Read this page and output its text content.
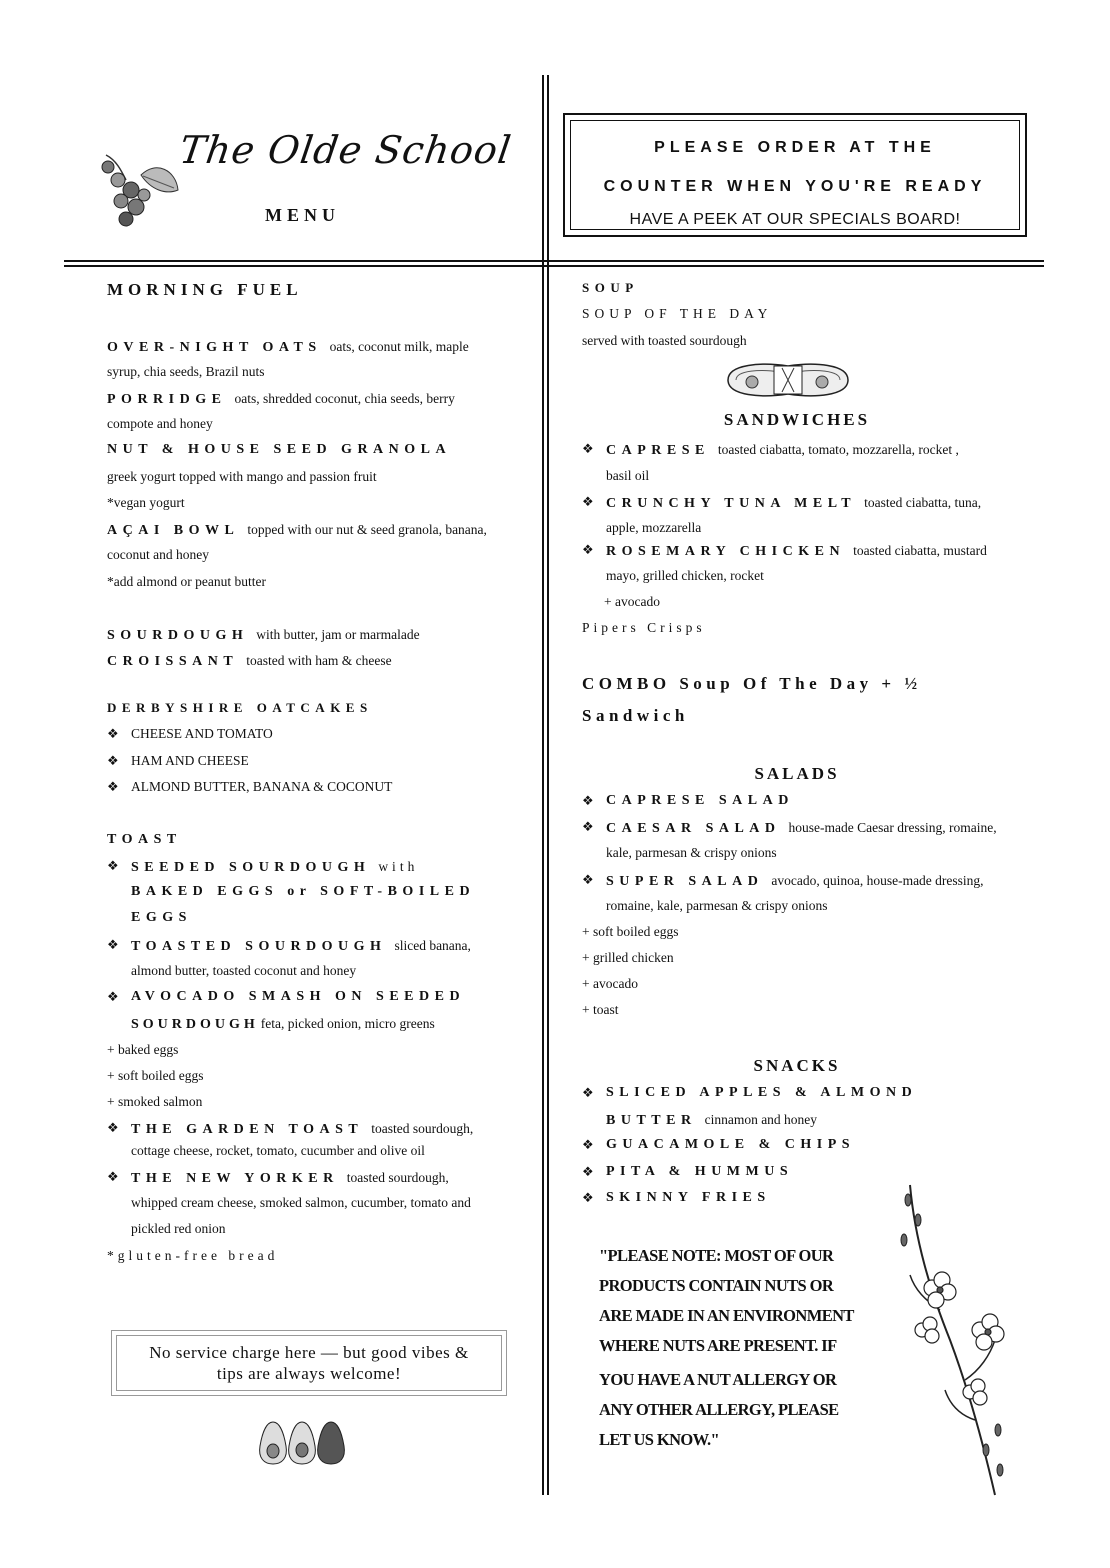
The Olde School
MENU
PLEASE ORDER AT THE
COUNTER WHEN YOU'RE READY
HAVE A PEEK AT OUR SPECIALS BOARD!
MORNING FUEL
OVER-NIGHT OATS oats, coconut milk, maple
syrup, chia seeds, Brazil nuts
PORRIDGE oats, shredded coconut, chia seeds, berry
compote and honey
NUT & HOUSE SEED GRANOLA
greek yogurt topped with mango and passion fruit
*vegan yogurt
AÇAI BOWL topped with our nut & seed granola, banana,
coconut and honey
*add almond or peanut butter
SOURDOUGH with butter, jam or marmalade
CROISSANT toasted with ham & cheese
DERBYSHIRE OATCAKES
❖ CHEESE AND TOMATO
❖ HAM AND CHEESE
❖ ALMOND BUTTER, BANANA & COCONUT
TOAST
❖ SEEDED SOURDOUGH with
BAKED EGGS or SOFT-BOILED
EGGS
❖ TOASTED SOURDOUGH sliced banana,
almond butter, toasted coconut and honey
❖ AVOCADO SMASH ON SEEDED
SOURDOUGH feta, picked onion, micro greens
+ baked eggs
+ soft boiled eggs
+ smoked salmon
❖ THE GARDEN TOAST toasted sourdough,
cottage cheese, rocket, tomato, cucumber and olive oil
❖ THE NEW YORKER toasted sourdough,
whipped cream cheese, smoked salmon, cucumber, tomato and
pickled red onion
*gluten-free bread
No service charge here — but good vibes &
tips are always welcome!
SOUP
SOUP OF THE DAY
served with toasted sourdough
SANDWICHES
❖ CAPRESE toasted ciabatta, tomato, mozzarella, rocket ,
basil oil
❖ CRUNCHY TUNA MELT toasted ciabatta, tuna,
apple, mozzarella
❖ ROSEMARY CHICKEN toasted ciabatta, mustard
mayo, grilled chicken, rocket
+ avocado
Pipers Crisps
COMBO Soup Of The Day + ½
Sandwich
SALADS
❖ CAPRESE SALAD
❖ CAESAR SALAD house-made Caesar dressing, romaine,
kale, parmesan & crispy onions
❖ SUPER SALAD avocado, quinoa, house-made dressing,
romaine, kale, parmesan & crispy onions
+ soft boiled eggs
+ grilled chicken
+ avocado
+ toast
SNACKS
❖ SLICED APPLES & ALMOND
BUTTER cinnamon and honey
❖ GUACAMOLE & CHIPS
❖ PITA & HUMMUS
❖ SKINNY FRIES
"PLEASE NOTE: MOST OF OUR
PRODUCTS CONTAIN NUTS OR
ARE MADE IN AN ENVIRONMENT
WHERE NUTS ARE PRESENT. IF
YOU HAVE A NUT ALLERGY OR
ANY OTHER ALLERGY, PLEASE
LET US KNOW."
